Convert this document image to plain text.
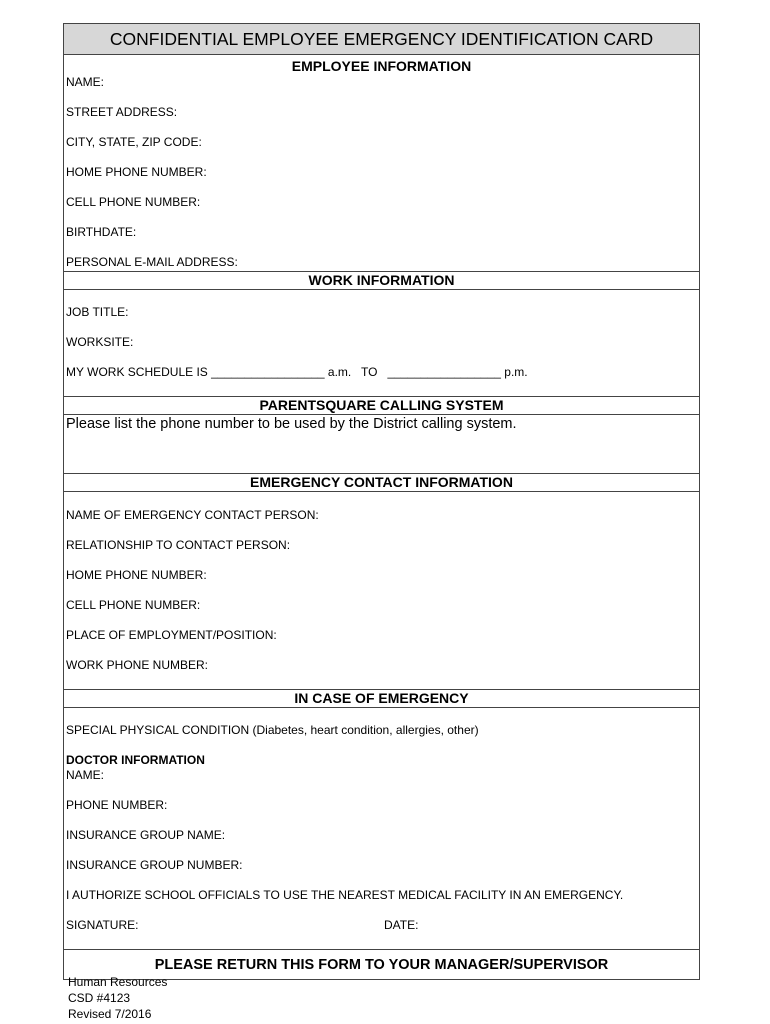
CONFIDENTIAL EMPLOYEE EMERGENCY IDENTIFICATION CARD
EMPLOYEE INFORMATION
NAME:
STREET ADDRESS:
CITY, STATE, ZIP CODE:
HOME PHONE NUMBER:
CELL PHONE NUMBER:
BIRTHDATE:
PERSONAL E-MAIL ADDRESS:
WORK INFORMATION
JOB TITLE:
WORKSITE:
MY WORK SCHEDULE IS _________________ a.m.   TO   _________________ p.m.
PARENTSQUARE CALLING SYSTEM
Please list the phone number to be used by the District calling system.
EMERGENCY CONTACT INFORMATION
NAME OF EMERGENCY CONTACT PERSON:
RELATIONSHIP TO CONTACT PERSON:
HOME PHONE NUMBER:
CELL PHONE NUMBER:
PLACE OF EMPLOYMENT/POSITION:
WORK PHONE NUMBER:
IN CASE OF EMERGENCY
SPECIAL PHYSICAL CONDITION (Diabetes, heart condition, allergies, other)
DOCTOR INFORMATION
NAME:
PHONE NUMBER:
INSURANCE GROUP NAME:
INSURANCE GROUP NUMBER:
I AUTHORIZE SCHOOL OFFICIALS TO USE THE NEAREST MEDICAL FACILITY IN AN EMERGENCY.
SIGNATURE:	DATE:
PLEASE RETURN THIS FORM TO YOUR MANAGER/SUPERVISOR
Human Resources
CSD #4123
Revised 7/2016
